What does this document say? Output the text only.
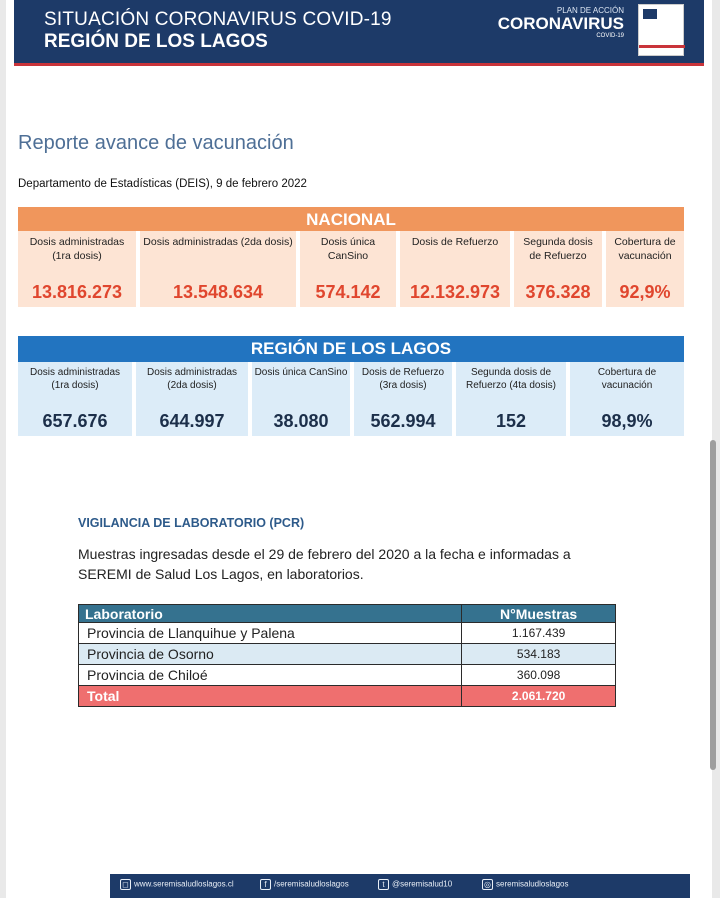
SITUACIÓN CORONAVIRUS COVID-19
REGIÓN DE LOS LAGOS
PLAN DE ACCIÓN
CORONAVIRUS
COVID-19
Reporte avance de vacunación
Departamento de Estadísticas (DEIS), 9 de febrero 2022
NACIONAL
Dosis administradas (1ra dosis)
13.816.273
Dosis administradas (2da dosis)
13.548.634
Dosis única CanSino
574.142
Dosis de Refuerzo
12.132.973
Segunda dosis de Refuerzo
376.328
Cobertura de vacunación
92,9%
REGIÓN DE LOS LAGOS
Dosis administradas (1ra dosis)
657.676
Dosis administradas (2da dosis)
644.997
Dosis única CanSino
38.080
Dosis de Refuerzo (3ra dosis)
562.994
Segunda dosis de Refuerzo (4ta dosis)
152
Cobertura de vacunación
98,9%
VIGILANCIA DE LABORATORIO (PCR)
Muestras ingresadas desde el 29 de febrero del 2020 a la fecha e informadas a SEREMI de Salud Los Lagos, en laboratorios.
Laboratorio	N°Muestras
Provincia de Llanquihue y Palena	1.167.439
Provincia de Osorno	534.183
Provincia de Chiloé	360.098
Total	2.061.720
◻ www.seremisaludloslagos.cl	f /seremisaludloslagos	t @seremisalud10	◎ seremisaludloslagos
